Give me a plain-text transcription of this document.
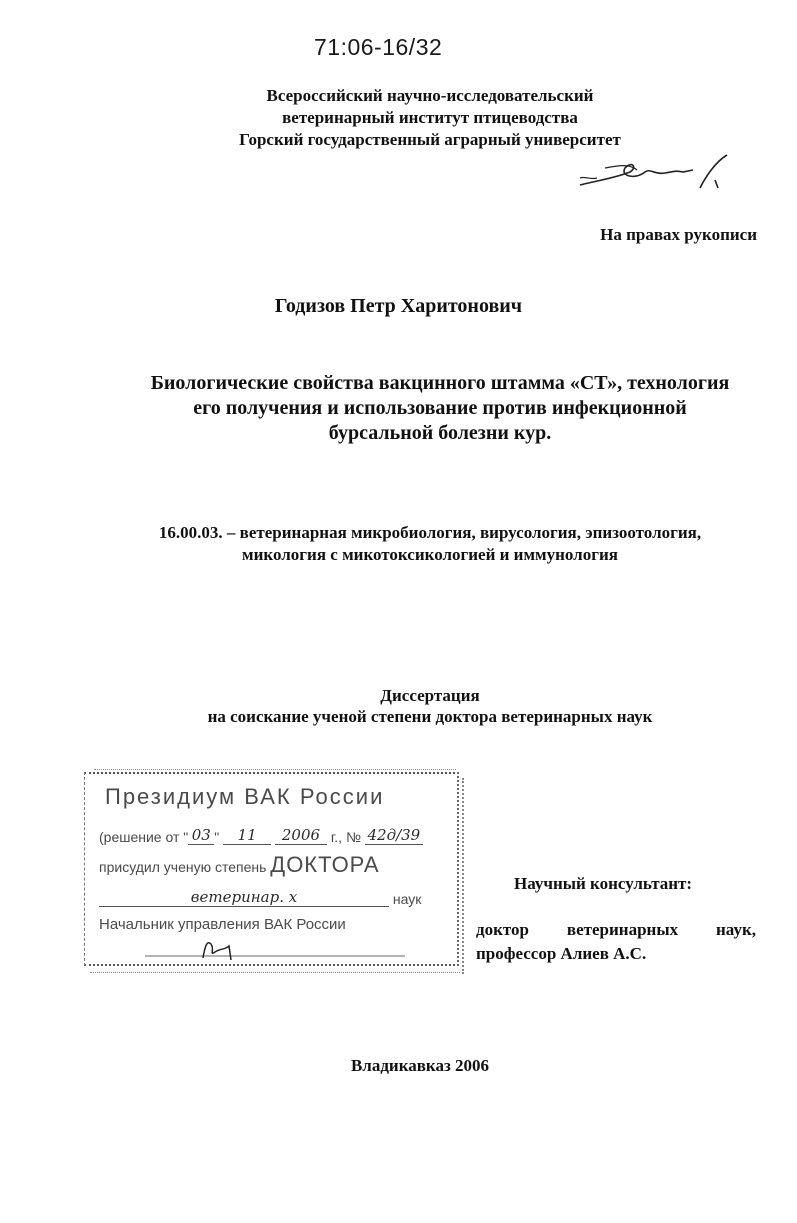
71:06-16/32
Всероссийский научно-исследовательский
ветеринарный институт птицеводства
Горский государственный аграрный университет
На правах рукописи
Годизов Петр Харитонович
Биологические свойства вакцинного штамма «СТ», технология
его получения и использование против инфекционной
бурсальной болезни кур.
16.00.03. – ветеринарная микробиология, вирусология, эпизоотология,
микология с микотоксикологией и иммунология
Диссертация
на соискание ученой степени доктора ветеринарных наук
Президиум ВАК России
(решение от " 03 " 11 2006 г., № 42д/39
присудил ученую степень ДОКТОРА
ветеринар. х	наук
Начальник управления ВАК России
Научный консультант:
доктор ветеринарных наук,
профессор Алиев А.С.
Владикавказ 2006
